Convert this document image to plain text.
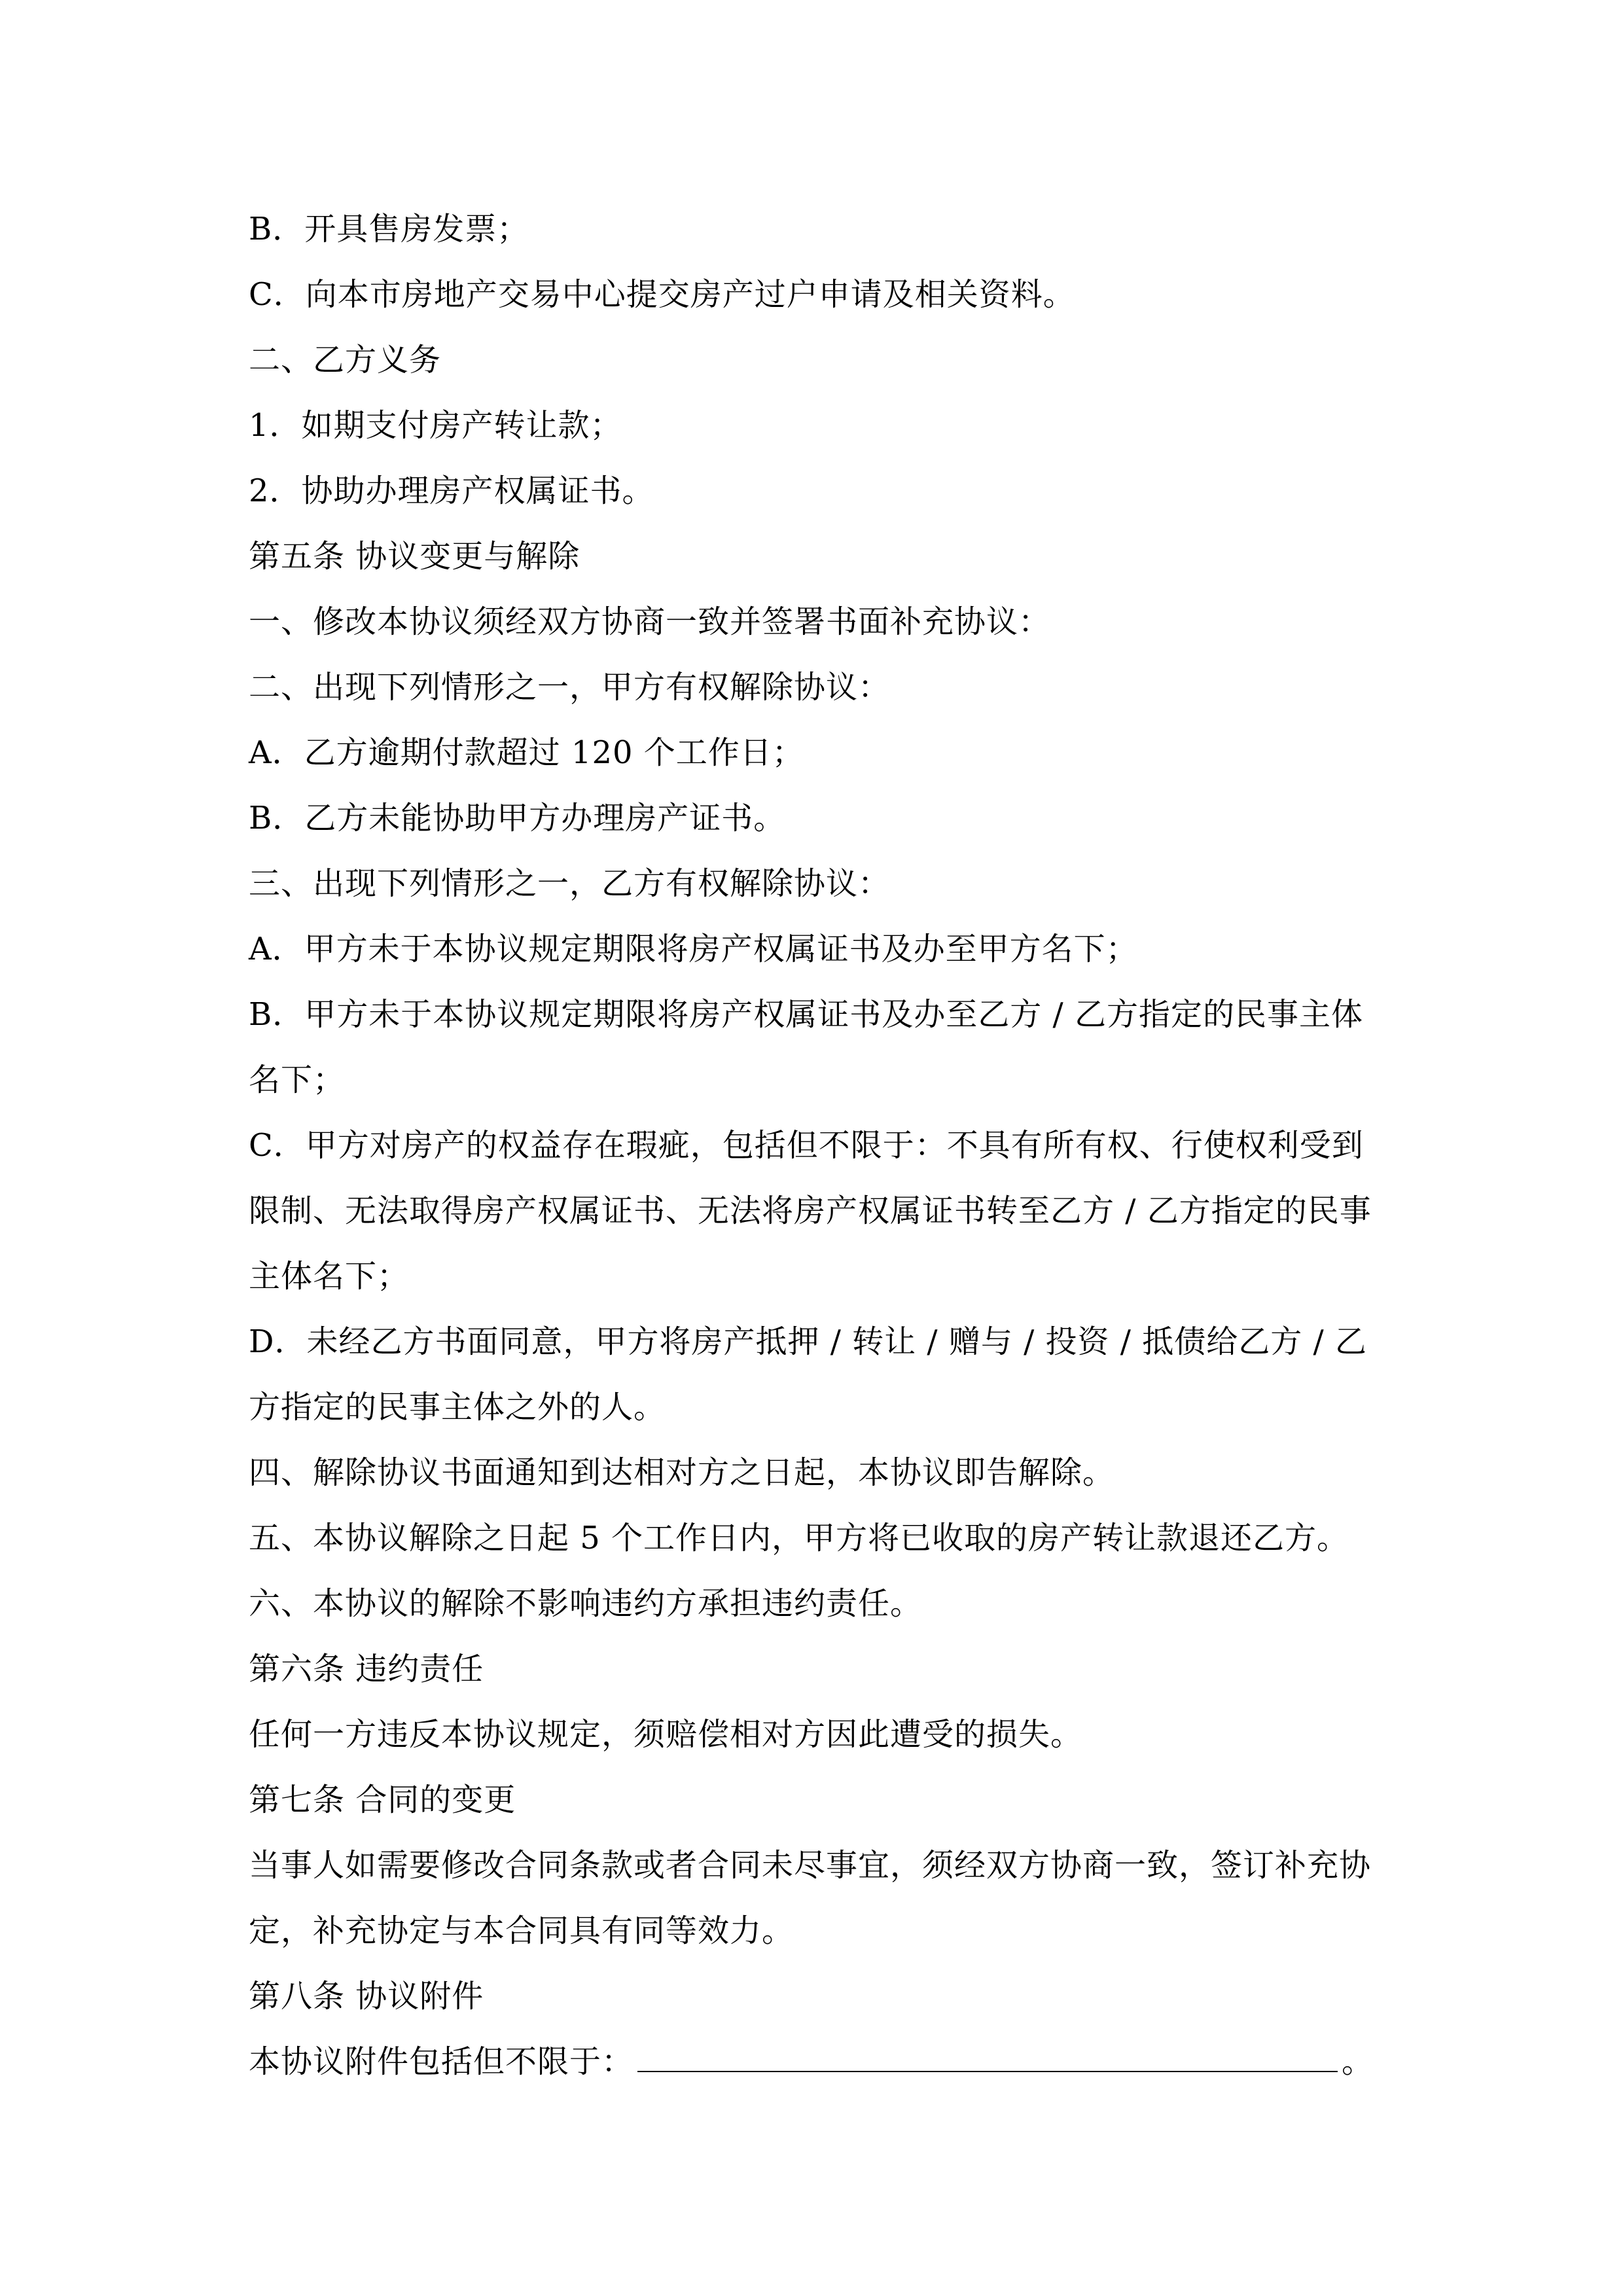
B．开具售房发票；
C．向本市房地产交易中心提交房产过户申请及相关资料。
二、乙方义务
1．如期支付房产转让款；
2．协助办理房产权属证书。
第五条 协议变更与解除
一、修改本协议须经双方协商一致并签署书面补充协议：
二、出现下列情形之一，甲方有权解除协议：
A．乙方逾期付款超过 120 个工作日；
B．乙方未能协助甲方办理房产证书。
三、出现下列情形之一，乙方有权解除协议：
A．甲方未于本协议规定期限将房产权属证书及办至甲方名下；
B．甲方未于本协议规定期限将房产权属证书及办至乙方 / 乙方指定的民事主体
名下；
C．甲方对房产的权益存在瑕疵，包括但不限于：不具有所有权、行使权利受到
限制、无法取得房产权属证书、无法将房产权属证书转至乙方 / 乙方指定的民事
主体名下；
D．未经乙方书面同意，甲方将房产抵押 / 转让 / 赠与 / 投资 / 抵债给乙方 / 乙
方指定的民事主体之外的人。
四、解除协议书面通知到达相对方之日起，本协议即告解除。
五、本协议解除之日起 5 个工作日内，甲方将已收取的房产转让款退还乙方。
六、本协议的解除不影响违约方承担违约责任。
第六条 违约责任
任何一方违反本协议规定，须赔偿相对方因此遭受的损失。
第七条 合同的变更
当事人如需要修改合同条款或者合同未尽事宜，须经双方协商一致，签订补充协
定，补充协定与本合同具有同等效力。
第八条 协议附件
本协议附件包括但不限于：	。
